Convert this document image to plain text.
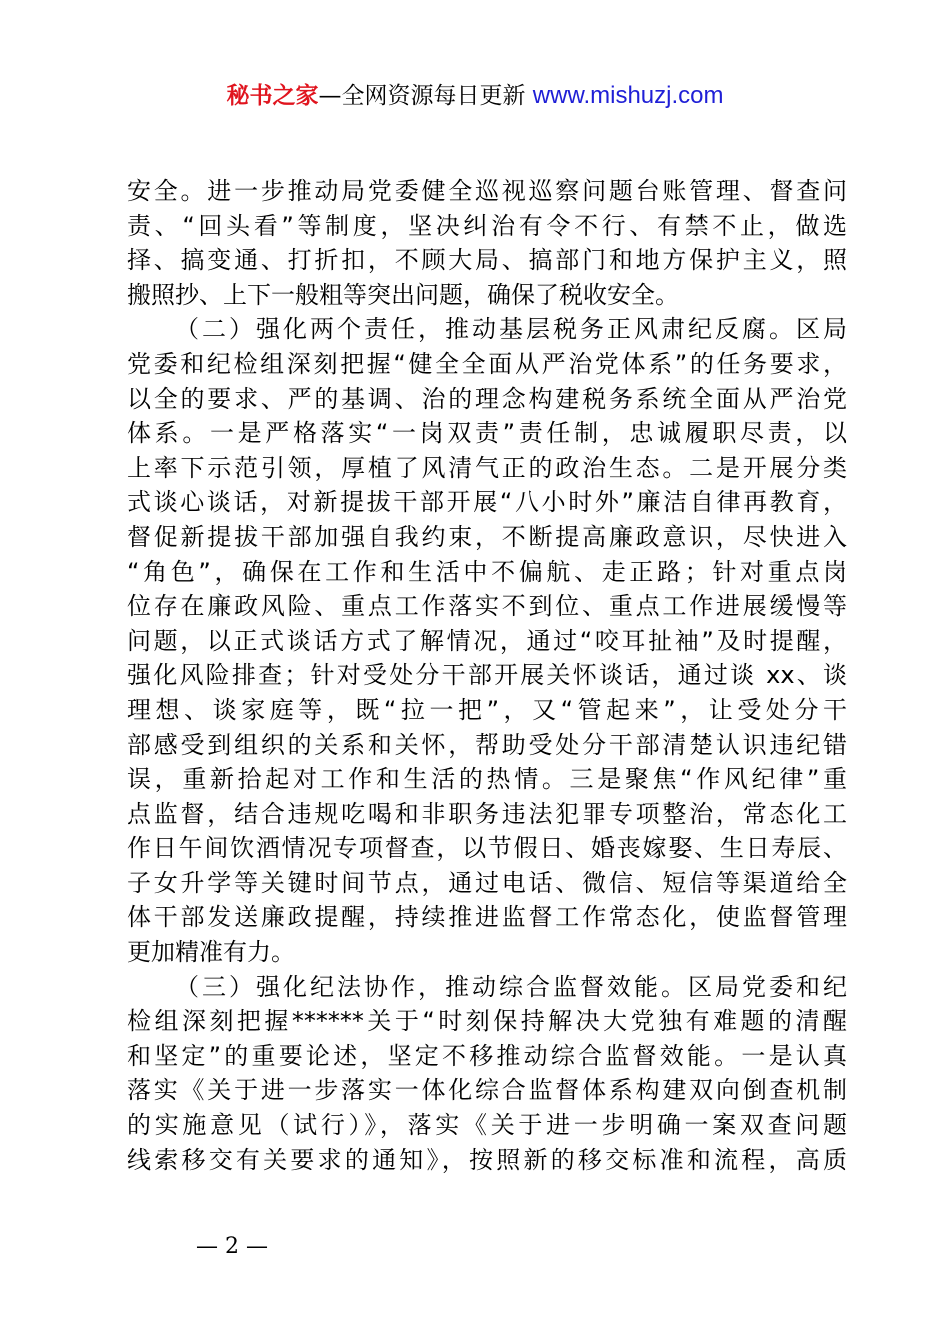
秘书之家—全网资源每日更新 www.mishuzj.com
安全。进一步推动局党委健全巡视巡察问题台账管理、督查问
责、“回头看”等制度，坚决纠治有令不行、有禁不止，做选
择、搞变通、打折扣，不顾大局、搞部门和地方保护主义，照
搬照抄、上下一般粗等突出问题，确保了税收安全。
（二）强化两个责任，推动基层税务正风肃纪反腐。区局
党委和纪检组深刻把握“健全全面从严治党体系”的任务要求，
以全的要求、严的基调、治的理念构建税务系统全面从严治党
体系。一是严格落实“一岗双责”责任制，忠诚履职尽责，以
上率下示范引领，厚植了风清气正的政治生态。二是开展分类
式谈心谈话，对新提拔干部开展“八小时外”廉洁自律再教育，
督促新提拔干部加强自我约束，不断提高廉政意识，尽快进入
“角色”，确保在工作和生活中不偏航、走正路；针对重点岗
位存在廉政风险、重点工作落实不到位、重点工作进展缓慢等
问题，以正式谈话方式了解情况，通过“咬耳扯袖”及时提醒，
强化风险排查；针对受处分干部开展关怀谈话，通过谈 xx、谈
理想、谈家庭等，既“拉一把”，又“管起来”，让受处分干
部感受到组织的关系和关怀，帮助受处分干部清楚认识违纪错
误，重新拾起对工作和生活的热情。三是聚焦“作风纪律”重
点监督，结合违规吃喝和非职务违法犯罪专项整治，常态化工
作日午间饮酒情况专项督查，以节假日、婚丧嫁娶、生日寿辰、
子女升学等关键时间节点，通过电话、微信、短信等渠道给全
体干部发送廉政提醒，持续推进监督工作常态化，使监督管理
更加精准有力。
（三）强化纪法协作，推动综合监督效能。区局党委和纪
检组深刻把握******关于“时刻保持解决大党独有难题的清醒
和坚定”的重要论述，坚定不移推动综合监督效能。一是认真
落实《关于进一步落实一体化综合监督体系构建双向倒查机制
的实施意见（试行）》，落实《关于进一步明确一案双查问题
线索移交有关要求的通知》，按照新的移交标准和流程，高质
— 2 —
